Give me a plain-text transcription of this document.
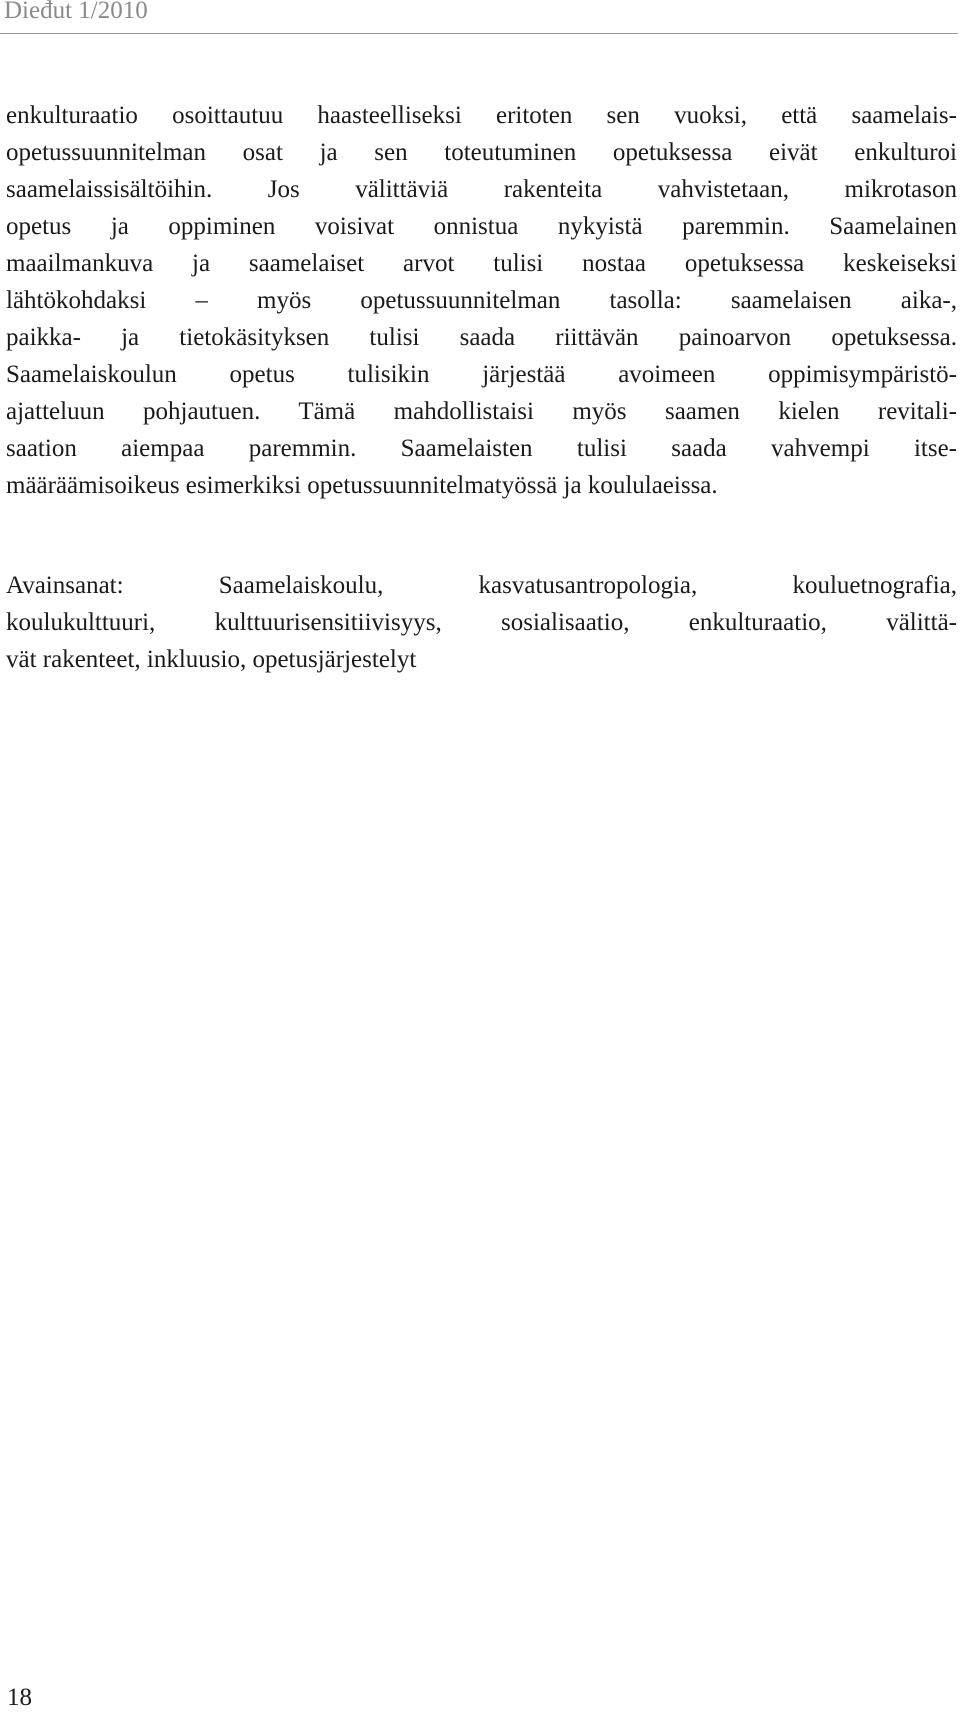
Dieđut 1/2010
enkulturaatio osoittautuu haasteelliseksi eritoten sen vuoksi, että saamelais-
opetussuunnitelman osat ja sen toteutuminen opetuksessa eivät enkulturoi
saamelaissisältöihin. Jos välittäviä rakenteita vahvistetaan, mikrotason
opetus ja oppiminen voisivat onnistua nykyistä paremmin. Saamelainen
maailmankuva ja saamelaiset arvot tulisi nostaa opetuksessa keskeiseksi
lähtökohdaksi – myös opetussuunnitelman tasolla: saamelaisen aika-,
paikka- ja tietokäsityksen tulisi saada riittävän painoarvon opetuksessa.
Saamelaiskoulun opetus tulisikin järjestää avoimeen oppimisympäristö-
ajatteluun pohjautuen. Tämä mahdollistaisi myös saamen kielen revitali-
saation aiempaa paremmin. Saamelaisten tulisi saada vahvempi itse-
määräämisoikeus esimerkiksi opetussuunnitelmatyössä ja koululaeissa.
Avainsanat: Saamelaiskoulu, kasvatusantropologia, kouluetnografia,
koulukulttuuri, kulttuurisensitiivisyys, sosialisaatio, enkulturaatio, välittä-
vät rakenteet, inkluusio, opetusjärjestelyt
18
